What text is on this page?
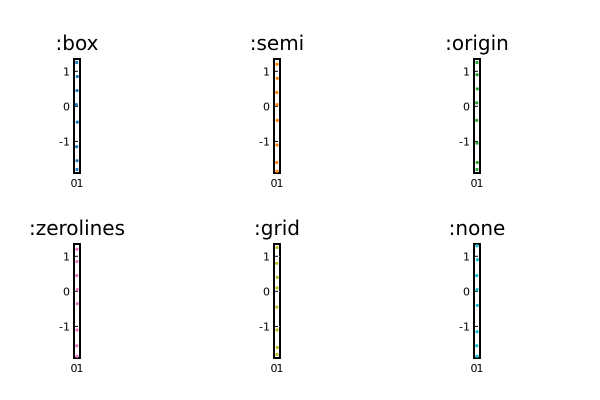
:box
1
0
-1
0 1
:semi
1
0
-1
0 1
:origin
1
0
-1
0 1
:zerolines
1
0
-1
0 1
:grid
1
0
-1
0 1
:none
1
0
-1
0 1
